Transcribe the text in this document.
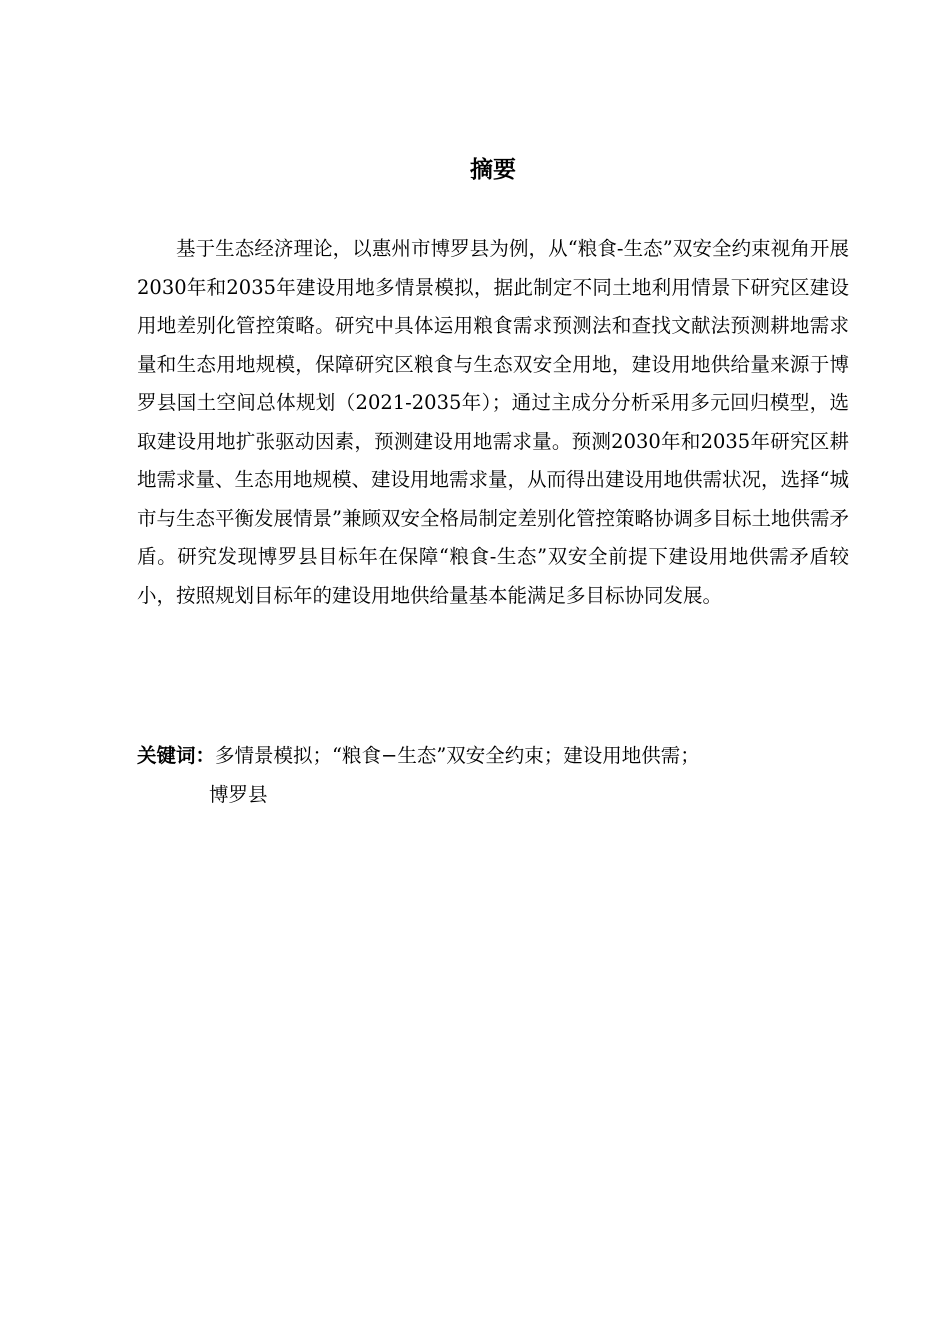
摘要

基于生态经济理论，以惠州市博罗县为例，从“粮食-生态”双安全约束视角开展2030年和2035年建设用地多情景模拟，据此制定不同土地利用情景下研究区建设用地差别化管控策略。研究中具体运用粮食需求预测法和查找文献法预测耕地需求量和生态用地规模，保障研究区粮食与生态双安全用地，建设用地供给量来源于博罗县国土空间总体规划（2021-2035年）；通过主成分分析采用多元回归模型，选取建设用地扩张驱动因素，预测建设用地需求量。预测2030年和2035年研究区耕地需求量、生态用地规模、建设用地需求量，从而得出建设用地供需状况，选择“城市与生态平衡发展情景”兼顾双安全格局制定差别化管控策略协调多目标土地供需矛盾。研究发现博罗县目标年在保障“粮食-生态”双安全前提下建设用地供需矛盾较小，按照规划目标年的建设用地供给量基本能满足多目标协同发展。

关键词：多情景模拟；“粮食−生态”双安全约束；建设用地供需；
博罗县
